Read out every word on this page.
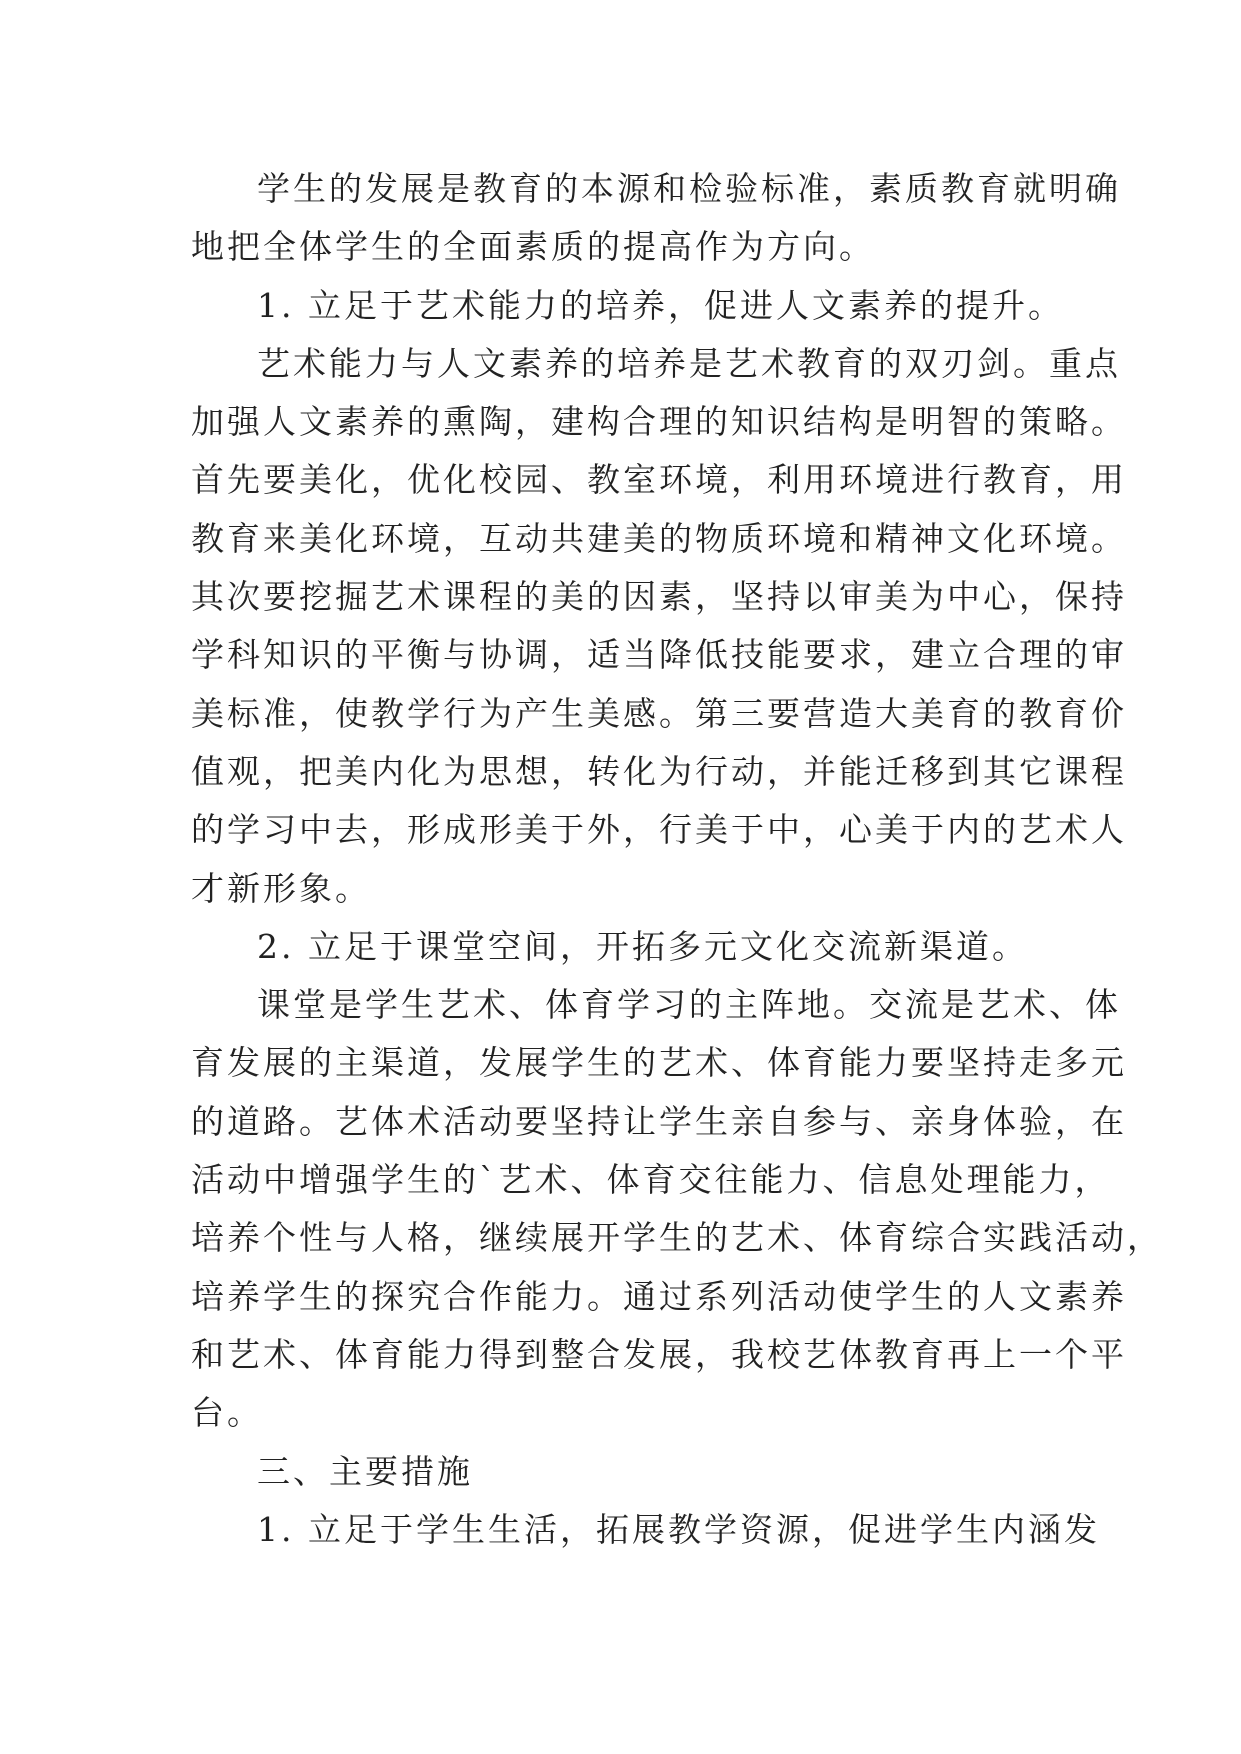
学生的发展是教育的本源和检验标准，素质教育就明确
地把全体学生的全面素质的提高作为方向。
1. 立足于艺术能力的培养，促进人文素养的提升。
艺术能力与人文素养的培养是艺术教育的双刃剑。重点
加强人文素养的熏陶，建构合理的知识结构是明智的策略。
首先要美化，优化校园、教室环境，利用环境进行教育，用
教育来美化环境，互动共建美的物质环境和精神文化环境。
其次要挖掘艺术课程的美的因素，坚持以审美为中心，保持
学科知识的平衡与协调，适当降低技能要求，建立合理的审
美标准，使教学行为产生美感。第三要营造大美育的教育价
值观，把美内化为思想，转化为行动，并能迁移到其它课程
的学习中去，形成形美于外，行美于中，心美于内的艺术人
才新形象。
2. 立足于课堂空间，开拓多元文化交流新渠道。
课堂是学生艺术、体育学习的主阵地。交流是艺术、体
育发展的主渠道，发展学生的艺术、体育能力要坚持走多元
的道路。艺体术活动要坚持让学生亲自参与、亲身体验，在
活动中增强学生的`艺术、体育交往能力、信息处理能力，
培养个性与人格，继续展开学生的艺术、体育综合实践活动，
培养学生的探究合作能力。通过系列活动使学生的人文素养
和艺术、体育能力得到整合发展，我校艺体教育再上一个平
台。
三、主要措施
1. 立足于学生生活，拓展教学资源，促进学生内涵发
